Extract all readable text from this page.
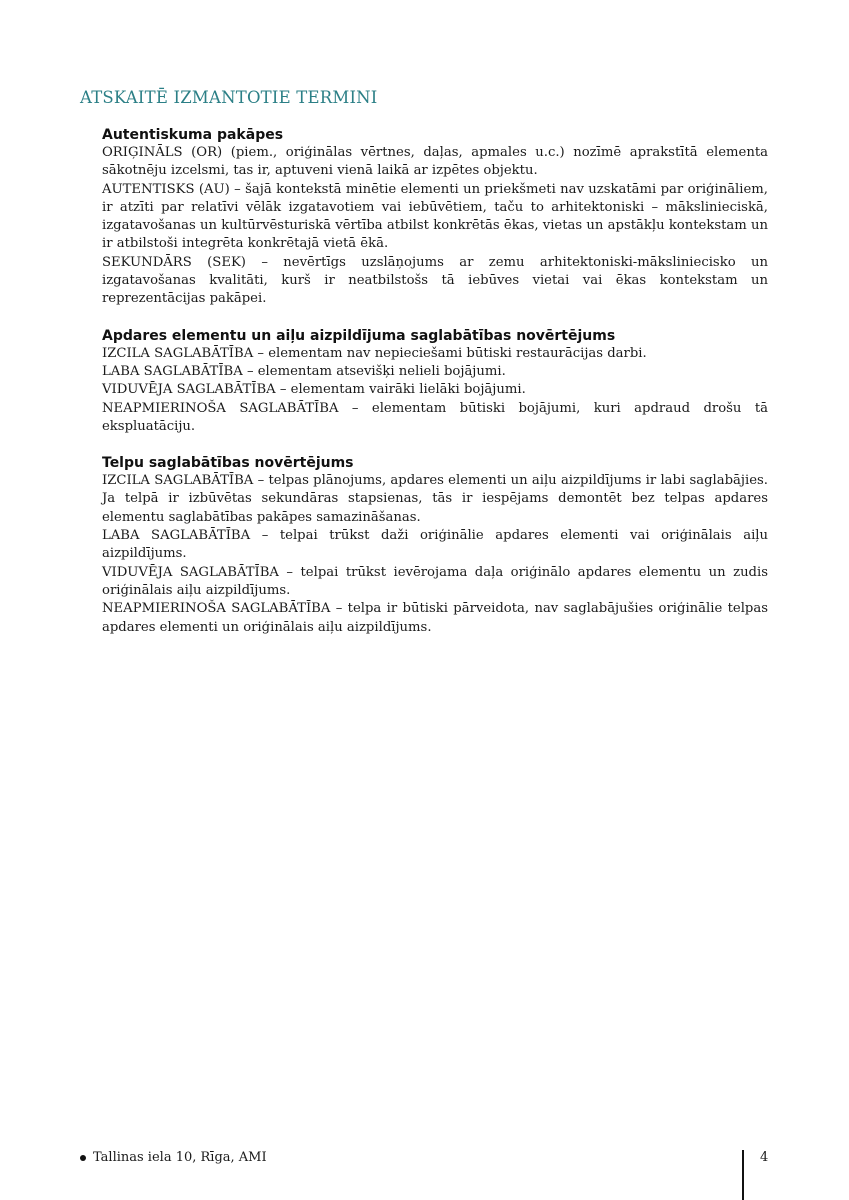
ATSKAITĒ IZMANTOTIE TERMINI
Autentiskuma pakāpes

ORIĢINĀLS (OR) (piem., oriģinālas vērtnes, daļas, apmales u.c.) nozīmē aprakstītā elementa sākotnēju izcelsmi, tas ir, aptuveni vienā laikā ar izpētes objektu.

AUTENTISKS (AU) – šajā kontekstā minētie elementi un priekšmeti nav uzskatāmi par oriģināliem, ir atzīti par relatīvi vēlāk izgatavotiem vai iebūvētiem, taču to arhitektoniski – mākslinieciskā, izgatavošanas un kultūrvēsturiskā vērtība atbilst konkrētās ēkas, vietas un apstākļu kontekstam un ir atbilstoši integrēta konkrētajā vietā ēkā.

SEKUNDĀRS (SEK) – nevērtīgs uzslāņojums ar zemu arhitektoniski-mākslinieciskо un izgatavošanas kvalitāti, kurš ir neatbilstošs tā iebūves vietai vai ēkas kontekstam un reprezentācijas pakāpei.

Apdares elementu un aiļu aizpildījuma saglabātības novērtējums

IZCILA SAGLABĀTĪBA – elementam nav nepieciešami būtiski restaurācijas darbi.

LABA SAGLABĀTĪBA – elementam atsevišķi nelieli bojājumi.

VIDUVĒJA SAGLABĀTĪBA – elementam vairāki lielāki bojājumi.

NEAPMIERINOŠA SAGLABĀTĪBA – elementam būtiski bojājumi, kuri apdraud drošu tā ekspluatāciju.

Telpu saglabātības novērtējums

IZCILA SAGLABĀTĪBA – telpas plānojums, apdares elementi un aiļu aizpildījums ir labi saglabājies. Ja telpā ir izbūvētas sekundāras stapsienas, tās ir iespējams demontēt bez telpas apdares elementu saglabātības pakāpes samazināšanas.

LABA SAGLABĀTĪBA – telpai trūkst daži oriģinālie apdares elementi vai oriģinālais aiļu aizpildījums.

VIDUVĒJA SAGLABĀTĪBA – telpai trūkst ievērojama daļa oriģinālo apdares elementu un zudis oriģinālais aiļu aizpildījums.

NEAPMIERINOŠA SAGLABĀTĪBA – telpa ir būtiski pārveidota, nav saglabājušies oriģinālie telpas apdares elementi un oriģinālais aiļu aizpildījums.

Tallinas iela 10, Rīga, AMI	4
